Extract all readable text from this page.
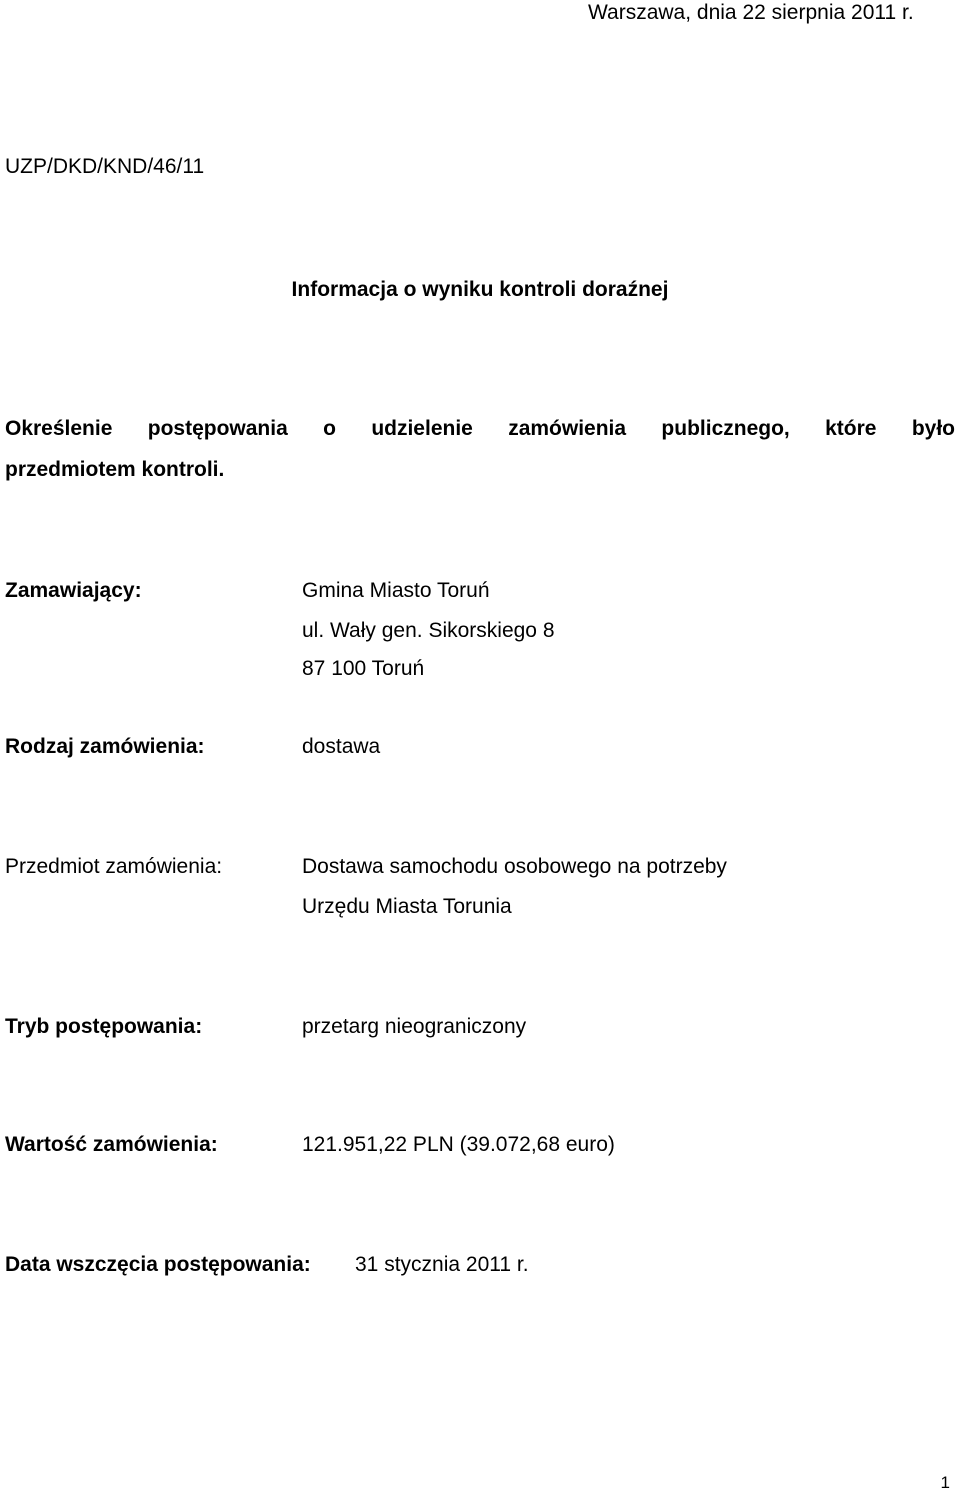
Warszawa, dnia 22 sierpnia 2011 r.
UZP/DKD/KND/46/11
Informacja o wyniku kontroli doraźnej
Określenie postępowania o udzielenie zamówienia publicznego, które było
przedmiotem kontroli.
Zamawiający:	Gmina Miasto Toruń
ul. Wały gen. Sikorskiego 8
87 100 Toruń
Rodzaj zamówienia:	dostawa
Przedmiot zamówienia:	Dostawa samochodu osobowego na potrzeby
Urzędu Miasta Torunia
Tryb postępowania:	przetarg nieograniczony
Wartość zamówienia:	121.951,22 PLN (39.072,68 euro)
Data wszczęcia postępowania: 31 stycznia 2011 r.
1
